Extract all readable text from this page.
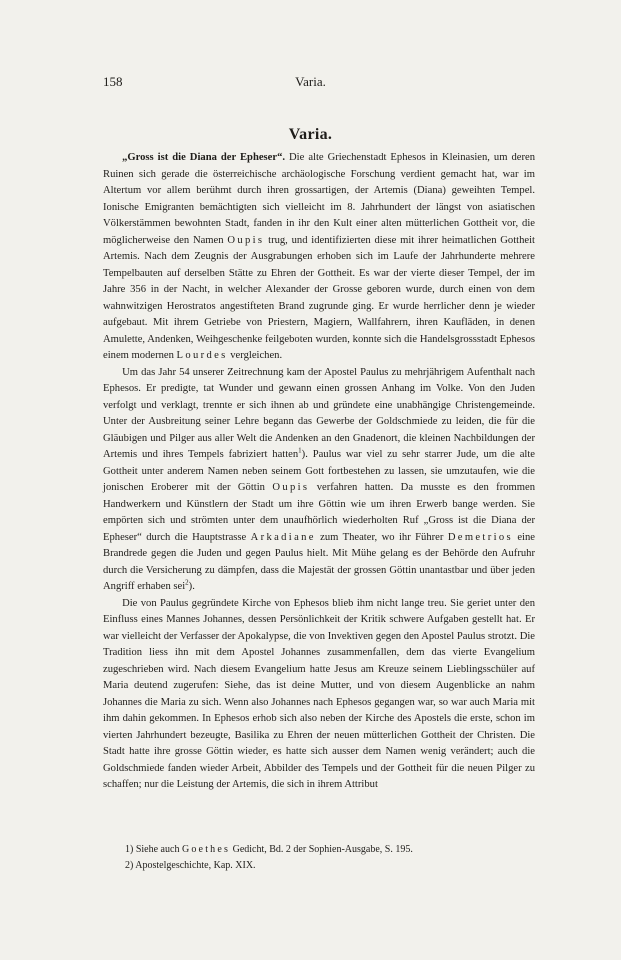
158	Varia.
Varia.

„Gross ist die Diana der Epheser“. Die alte Griechenstadt Ephesos in Kleinasien, um deren Ruinen sich gerade die österreichische archäologische Forschung verdient gemacht hat, war im Altertum vor allem berühmt durch ihren grossartigen, der Artemis (Diana) geweihten Tempel. Ionische Emigranten bemächtigten sich vielleicht im 8. Jahrhundert der längst von asiatischen Völkerstämmen bewohnten Stadt, fanden in ihr den Kult einer alten mütterlichen Gottheit vor, die möglicherweise den Namen Oupis trug, und identifizierten diese mit ihrer heimatlichen Gottheit Artemis. Nach dem Zeugnis der Ausgrabungen erhoben sich im Laufe der Jahrhunderte mehrere Tempelbauten auf derselben Stätte zu Ehren der Gottheit. Es war der vierte dieser Tempel, der im Jahre 356 in der Nacht, in welcher Alexander der Grosse geboren wurde, durch einen von dem wahnwitzigen Herostratos angestifteten Brand zugrunde ging. Er wurde herrlicher denn je wieder aufgebaut. Mit ihrem Getriebe von Priestern, Magiern, Wallfahrern, ihren Kaufläden, in denen Amulette, Andenken, Weihgeschenke feilgeboten wurden, konnte sich die Handelsgrossstadt Ephesos einem modernen Lourdes vergleichen.

Um das Jahr 54 unserer Zeitrechnung kam der Apostel Paulus zu mehrjährigem Aufenthalt nach Ephesos. Er predigte, tat Wunder und gewann einen grossen Anhang im Volke. Von den Juden verfolgt und verklagt, trennte er sich ihnen ab und gründete eine unabhängige Christengemeinde. Unter der Ausbreitung seiner Lehre begann das Gewerbe der Goldschmiede zu leiden, die für die Gläubigen und Pilger aus aller Welt die Andenken an den Gnadenort, die kleinen Nachbildungen der Artemis und ihres Tempels fabriziert hatten$^1$). Paulus war viel zu sehr starrer Jude, um die alte Gottheit unter anderem Namen neben seinem Gott fortbestehen zu lassen, sie umzutaufen, wie die jonischen Eroberer mit der Göttin Oupis verfahren hatten. Da musste es den frommen Handwerkern und Künstlern der Stadt um ihre Göttin wie um ihren Erwerb bange werden. Sie empörten sich und strömten unter dem unaufhörlich wiederholten Ruf „Gross ist die Diana der Epheser“ durch die Hauptstrasse Arkadiane zum Theater, wo ihr Führer Demetrios eine Brandrede gegen die Juden und gegen Paulus hielt. Mit Mühe gelang es der Behörde den Aufruhr durch die Versicherung zu dämpfen, dass die Majestät der grossen Göttin unantastbar und über jeden Angriff erhaben sei$^2$).

Die von Paulus gegründete Kirche von Ephesos blieb ihm nicht lange treu. Sie geriet unter den Einfluss eines Mannes Johannes, dessen Persönlichkeit der Kritik schwere Aufgaben gestellt hat. Er war vielleicht der Verfasser der Apokalypse, die von Invektiven gegen den Apostel Paulus strotzt. Die Tradition liess ihn mit dem Apostel Johannes zusammenfallen, dem das vierte Evangelium zugeschrieben wird. Nach diesem Evangelium hatte Jesus am Kreuze seinem Lieblingsschüler auf Maria deutend zugerufen: Siehe, das ist deine Mutter, und von diesem Augenblicke an nahm Johannes die Maria zu sich. Wenn also Johannes nach Ephesos gegangen war, so war auch Maria mit ihm dahin gekommen. In Ephesos erhob sich also neben der Kirche des Apostels die erste, schon im vierten Jahrhundert bezeugte, Basilika zu Ehren der neuen mütterlichen Gottheit der Christen. Die Stadt hatte ihre grosse Göttin wieder, es hatte sich ausser dem Namen wenig verändert; auch die Goldschmiede fanden wieder Arbeit, Abbilder des Tempels und der Gottheit für die neuen Pilger zu schaffen; nur die Leistung der Artemis, die sich in ihrem Attribut

1) Siehe auch Goethes Gedicht, Bd. 2 der Sophien-Ausgabe, S. 195.
2) Apostelgeschichte, Kap. XIX.
